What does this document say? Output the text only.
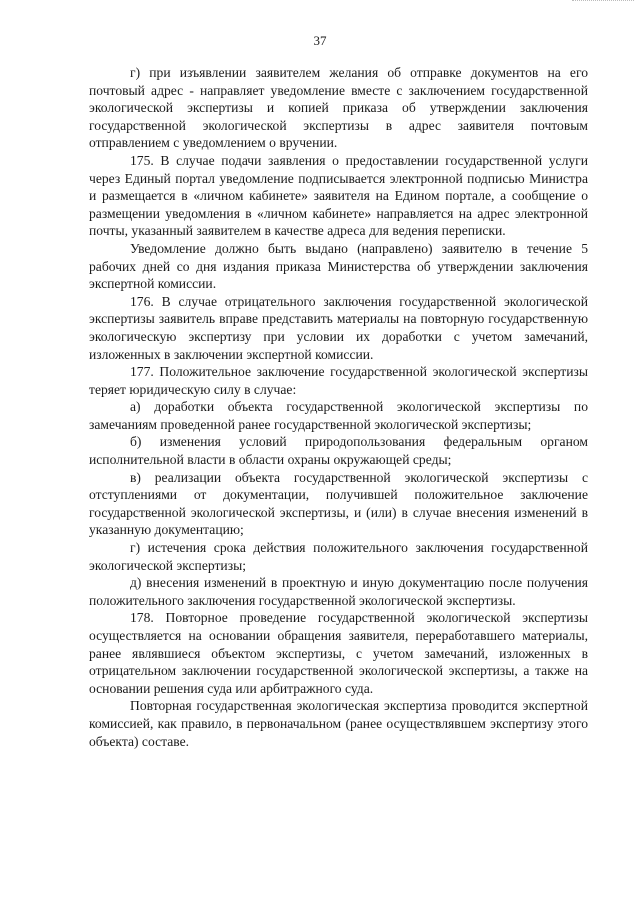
37

г) при изъявлении заявителем желания об отправке документов на его почтовый адрес - направляет уведомление вместе с заключением государственной экологической экспертизы и копией приказа об утверждении заключения государственной экологической экспертизы в адрес заявителя почтовым отправлением с уведомлением о вручении.

175. В случае подачи заявления о предоставлении государственной услуги через Единый портал уведомление подписывается электронной подписью Министра и размещается в «личном кабинете» заявителя на Едином портале, а сообщение о размещении уведомления в «личном кабинете» направляется на адрес электронной почты, указанный заявителем в качестве адреса для ведения переписки.

Уведомление должно быть выдано (направлено) заявителю в течение 5 рабочих дней со дня издания приказа Министерства об утверждении заключения экспертной комиссии.

176. В случае отрицательного заключения государственной экологической экспертизы заявитель вправе представить материалы на повторную государственную экологическую экспертизу при условии их доработки с учетом замечаний, изложенных в заключении экспертной комиссии.

177. Положительное заключение государственной экологической экспертизы теряет юридическую силу в случае:

а) доработки объекта государственной экологической экспертизы по замечаниям проведенной ранее государственной экологической экспертизы;

б) изменения условий природопользования федеральным органом исполнительной власти в области охраны окружающей среды;

в) реализации объекта государственной экологической экспертизы с отступлениями от документации, получившей положительное заключение государственной экологической экспертизы, и (или) в случае внесения изменений в указанную документацию;

г) истечения срока действия положительного заключения государственной экологической экспертизы;

д) внесения изменений в проектную и иную документацию после получения положительного заключения государственной экологической экспертизы.

178. Повторное проведение государственной экологической экспертизы осуществляется на основании обращения заявителя, переработавшего материалы, ранее являвшиеся объектом экспертизы, с учетом замечаний, изложенных в отрицательном заключении государственной экологической экспертизы, а также на основании решения суда или арбитражного суда.

Повторная государственная экологическая экспертиза проводится экспертной комиссией, как правило, в первоначальном (ранее осуществлявшем экспертизу этого объекта) составе.
